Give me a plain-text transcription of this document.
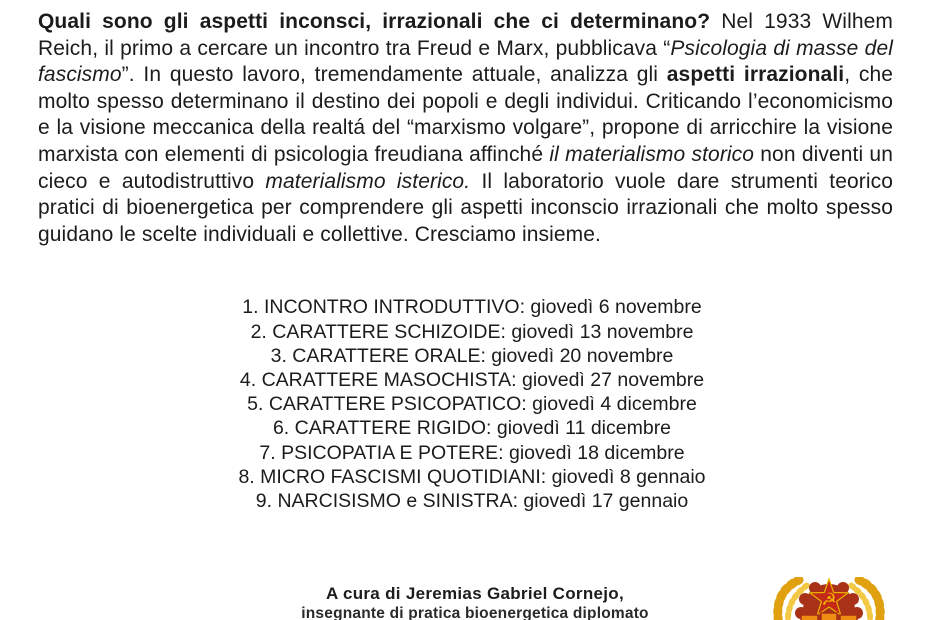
Quali sono gli aspetti inconsci, irrazionali che ci determinano? Nel 1933 Wilhem Reich, il primo a cercare un incontro tra Freud e Marx, pubblicava “Psicologia di masse del fascismo”. In questo lavoro, tremendamente attuale, analizza gli aspetti irrazionali, che molto spesso determinano il destino dei popoli e degli individui. Criticando l’economicismo e la visione meccanica della realtá del “marxismo volgare”, propone di arricchire la visione marxista con elementi di psicologia freudiana affinché il materialismo storico non diventi un cieco e autodistruttivo materialismo isterico. Il laboratorio vuole dare strumenti teorico pratici di bioenergetica per comprendere gli aspetti inconscio irrazionali che molto spesso guidano le scelte individuali e collettive. Cresciamo insieme.

1. INCONTRO INTRODUTTIVO: giovedì 6 novembre
2. CARATTERE SCHIZOIDE: giovedì 13 novembre
3. CARATTERE ORALE: giovedì 20 novembre
4. CARATTERE MASOCHISTA: giovedì 27 novembre
5. CARATTERE PSICOPATICO: giovedì 4 dicembre
6. CARATTERE RIGIDO: giovedì 11 dicembre
7. PSICOPATIA E POTERE: giovedì 18 dicembre
8. MICRO FASCISMI QUOTIDIANI: giovedì 8 gennaio
9. NARCISISMO e SINISTRA: giovedì 17 gennaio
A cura di Jeremias Gabriel Cornejo,
insegnante di pratica bioenergetica diplomato
☭
